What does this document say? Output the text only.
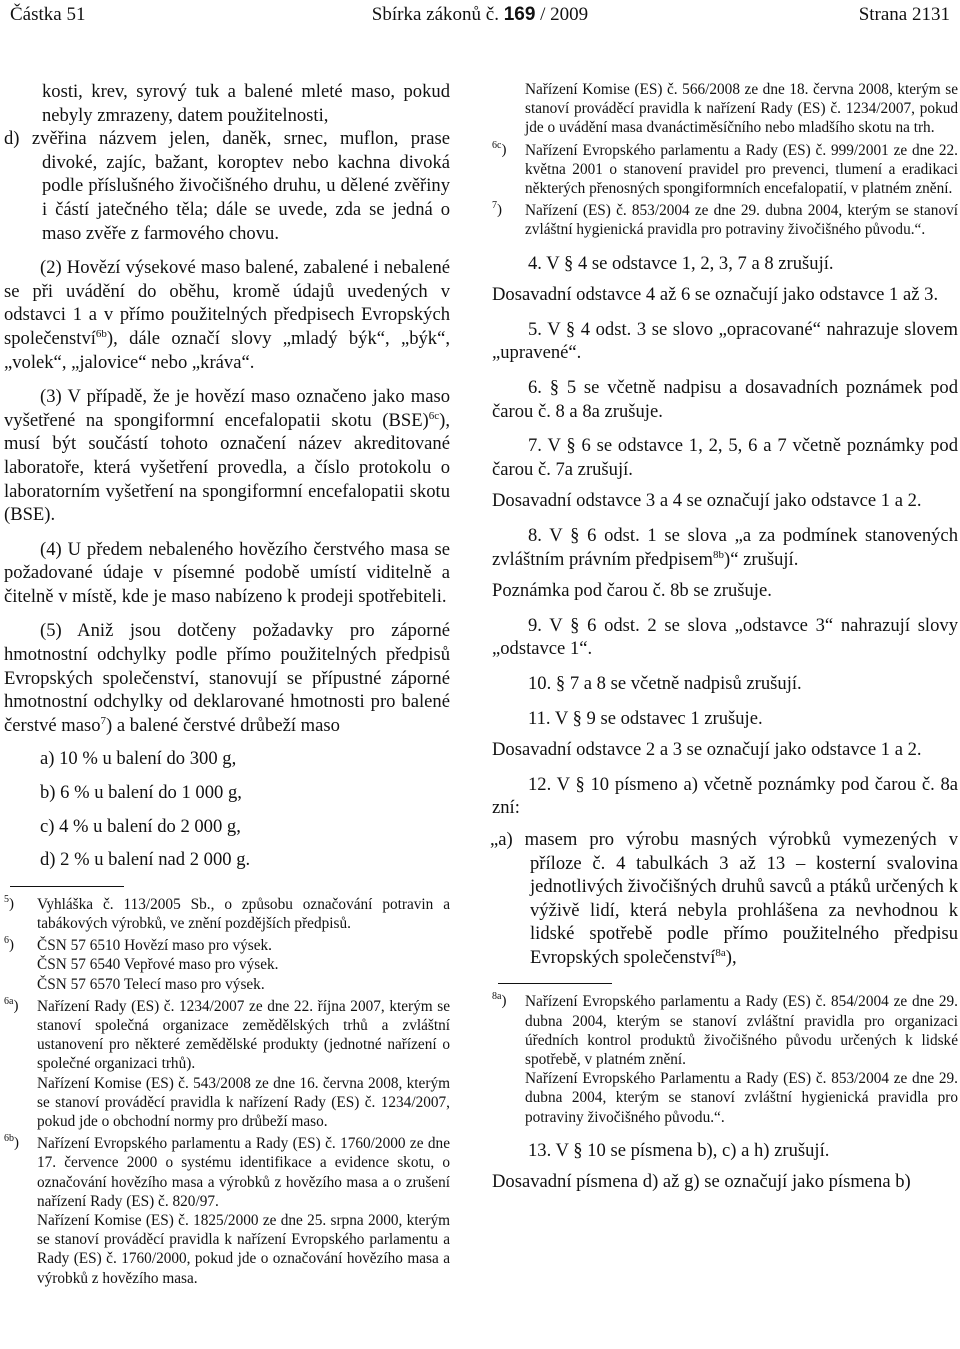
Částka 51	Sbírka zákonů č. 169 / 2009	Strana 2131

kosti, krev, syrový tuk a balené mleté maso, pokud nebyly zmrazeny, datem použitelnosti,

d) zvěřina názvem jelen, daněk, srnec, muflon, prase divoké, zajíc, bažant, koroptev nebo kachna divoká podle příslušného živočišného druhu, u dělené zvěřiny i částí jatečného těla; dále se uvede, zda se jedná o maso zvěře z farmového chovu.

(2) Hovězí výsekové maso balené, zabalené i nebalené se při uvádění do oběhu, kromě údajů uvedených v odstavci 1 a v přímo použitelných předpisech Evropských společenství$^{6b}$), dále označí slovy „mladý býk“, „býk“, „volek“, „jalovice“ nebo „kráva“.

(3) V případě, že je hovězí maso označeno jako maso vyšetřené na spongiformní encefalopatii skotu (BSE)$^{6c}$), musí být součástí tohoto označení název akreditované laboratoře, která vyšetření provedla, a číslo protokolu o laboratorním vyšetření na spongiformní encefalopatii skotu (BSE).

(4) U předem nebaleného hovězího čerstvého masa se požadované údaje v písemné podobě umístí viditelně a čitelně v místě, kde je maso nabízeno k prodeji spotřebiteli.

(5) Aniž jsou dotčeny požadavky pro záporné hmotnostní odchylky podle přímo použitelných předpisů Evropských společenství, stanovují se přípustné záporné hmotnostní odchylky od deklarované hmotnosti pro balené čerstvé maso$^7$) a balené čerstvé drůbeží maso

a) 10 % u balení do 300 g,

b) 6 % u balení do 1 000 g,

c) 4 % u balení do 2 000 g,

d) 2 % u balení nad 2 000 g.

$^5$) Vyhláška č. 113/2005 Sb., o způsobu označování potravin a tabákových výrobků, ve znění pozdějších předpisů.

$^6$) ČSN 57 6510 Hovězí maso pro výsek.

ČSN 57 6540 Vepřové maso pro výsek.

ČSN 57 6570 Telecí maso pro výsek.

$^{6a}$) Nařízení Rady (ES) č. 1234/2007 ze dne 22. října 2007, kterým se stanoví společná organizace zemědělských trhů a zvláštní ustanovení pro některé zemědělské produkty (jednotné nařízení o společné organizaci trhů).

Nařízení Komise (ES) č. 543/2008 ze dne 16. června 2008, kterým se stanoví prováděcí pravidla k nařízení Rady (ES) č. 1234/2007, pokud jde o obchodní normy pro drůbeží maso.

$^{6b}$) Nařízení Evropského parlamentu a Rady (ES) č. 1760/2000 ze dne 17. července 2000 o systému identifikace a evidence skotu, o označování hovězího masa a výrobků z hovězího masa a o zrušení nařízení Rady (ES) č. 820/97.

Nařízení Komise (ES) č. 1825/2000 ze dne 25. srpna 2000, kterým se stanoví prováděcí pravidla k nařízení Evropského parlamentu a Rady (ES) č. 1760/2000, pokud jde o označování hovězího masa a výrobků z hovězího masa.

Nařízení Komise (ES) č. 566/2008 ze dne 18. června 2008, kterým se stanoví prováděcí pravidla k nařízení Rady (ES) č. 1234/2007, pokud jde o uvádění masa dvanáctiměsíčního nebo mladšího skotu na trh.

$^{6c}$) Nařízení Evropského parlamentu a Rady (ES) č. 999/2001 ze dne 22. května 2001 o stanovení pravidel pro prevenci, tlumení a eradikaci některých přenosných spongiformních encefalopatií, v platném znění.

$^7$) Nařízení (ES) č. 853/2004 ze dne 29. dubna 2004, kterým se stanoví zvláštní hygienická pravidla pro potraviny živočišného původu.“.

4. V § 4 se odstavce 1, 2, 3, 7 a 8 zrušují.

Dosavadní odstavce 4 až 6 se označují jako odstavce 1 až 3.

5. V § 4 odst. 3 se slovo „opracované“ nahrazuje slovem „upravené“.

6. § 5 se včetně nadpisu a dosavadních poznámek pod čarou č. 8 a 8a zrušuje.

7. V § 6 se odstavce 1, 2, 5, 6 a 7 včetně poznámky pod čarou č. 7a zrušují.

Dosavadní odstavce 3 a 4 se označují jako odstavce 1 a 2.

8. V § 6 odst. 1 se slova „a za podmínek stanovených zvláštním právním předpisem$^{8b}$)“ zrušují.

Poznámka pod čarou č. 8b se zrušuje.

9. V § 6 odst. 2 se slova „odstavce 3“ nahrazují slovy „odstavce 1“.

10. § 7 a 8 se včetně nadpisů zrušují.

11. V § 9 se odstavec 1 zrušuje.

Dosavadní odstavce 2 a 3 se označují jako odstavce 1 a 2.

12. V § 10 písmeno a) včetně poznámky pod čarou č. 8a zní:

„a) masem pro výrobu masných výrobků vymezených v příloze č. 4 tabulkách 3 až 13 – kosterní svalovina jednotlivých živočišných druhů savců a ptáků určených k výživě lidí, která nebyla prohlášena za nevhodnou k lidské spotřebě podle přímo použitelného předpisu Evropských společenství$^{8a}$),

$^{8a}$) Nařízení Evropského parlamentu a Rady (ES) č. 854/2004 ze dne 29. dubna 2004, kterým se stanoví zvláštní pravidla pro organizaci úředních kontrol produktů živočišného původu určených k lidské spotřebě, v platném znění.

Nařízení Evropského Parlamentu a Rady (ES) č. 853/2004 ze dne 29. dubna 2004, kterým se stanoví zvláštní hygienická pravidla pro potraviny živočišného původu.“.

13. V § 10 se písmena b), c) a h) zrušují.

Dosavadní písmena d) až g) se označují jako písmena b)
